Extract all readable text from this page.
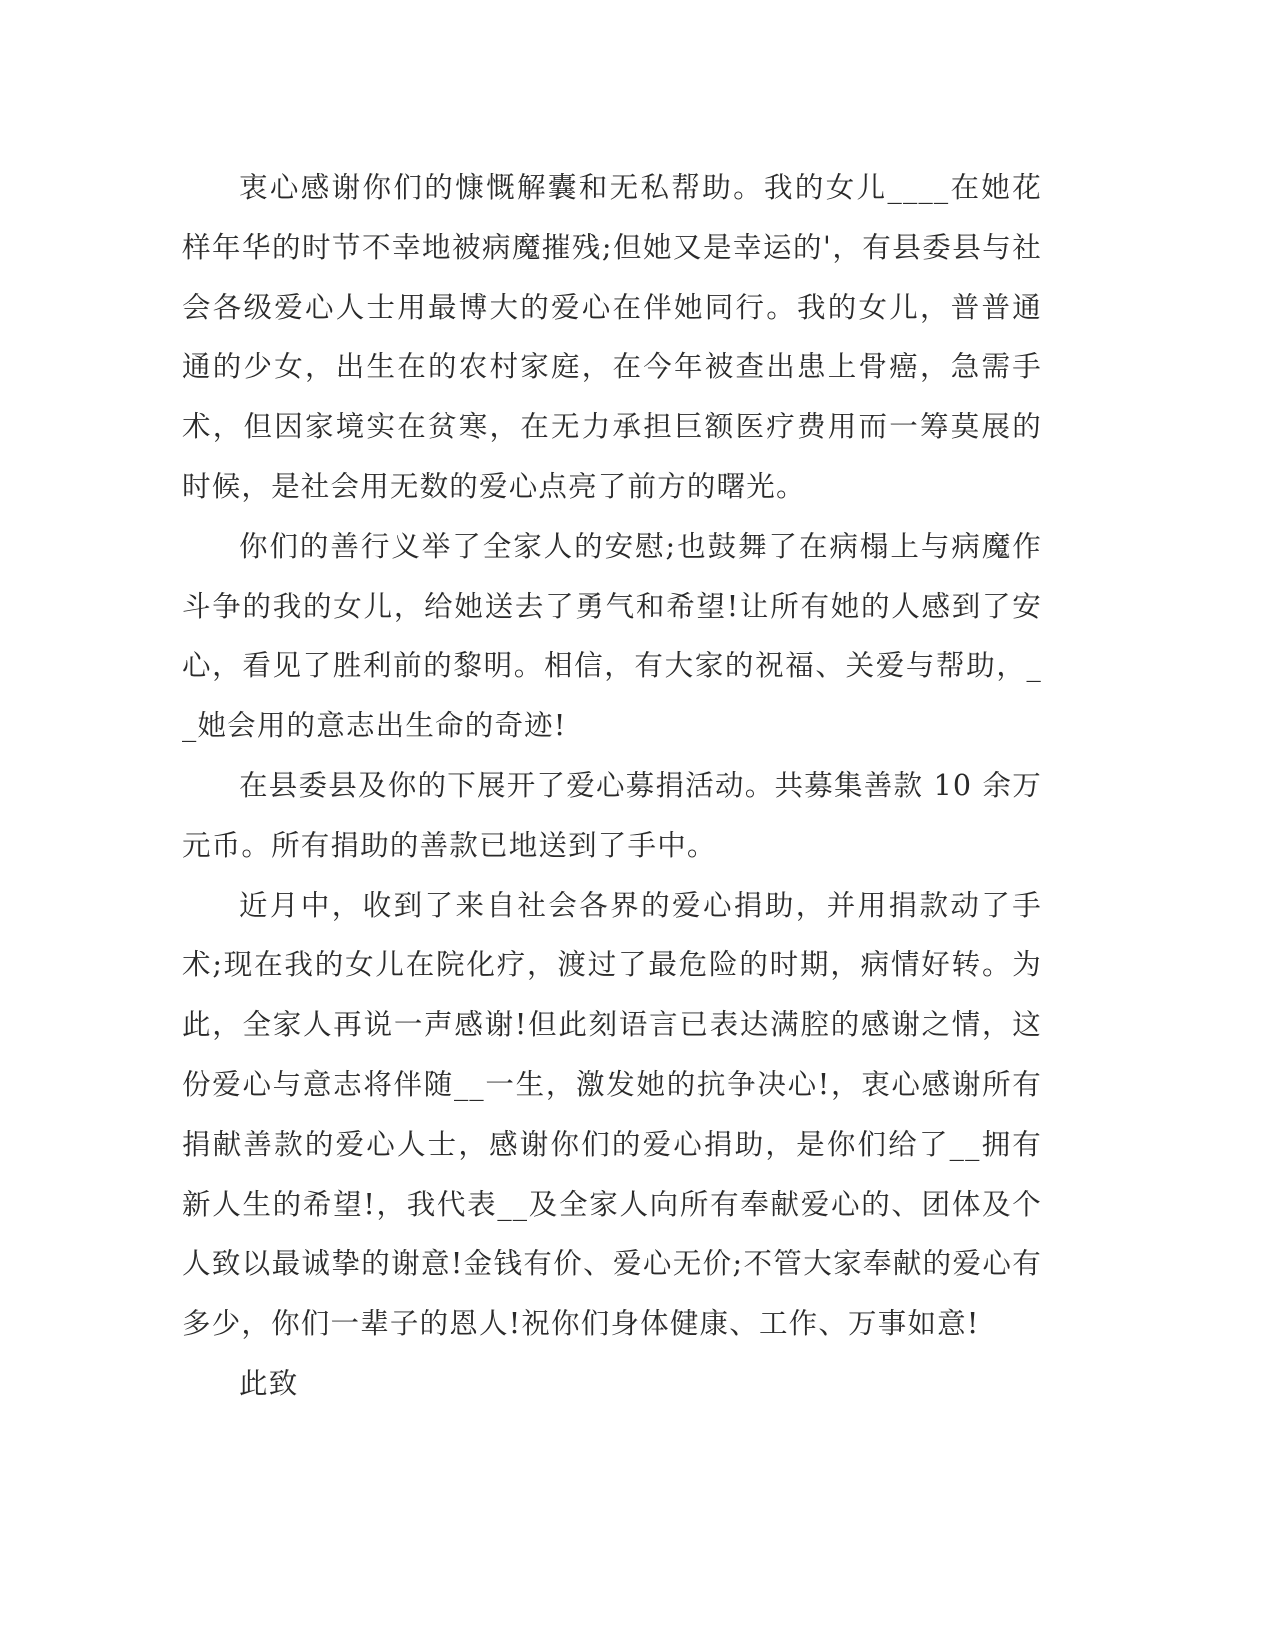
衷心感谢你们的慷慨解囊和无私帮助。我的女儿____在她花样年华的时节不幸地被病魔摧残;但她又是幸运的'，有县委县与社会各级爱心人士用最博大的爱心在伴她同行。我的女儿，普普通通的少女，出生在的农村家庭，在今年被查出患上骨癌，急需手术，但因家境实在贫寒，在无力承担巨额医疗费用而一筹莫展的时候，是社会用无数的爱心点亮了前方的曙光。

你们的善行义举了全家人的安慰;也鼓舞了在病榻上与病魔作斗争的我的女儿，给她送去了勇气和希望!让所有她的人感到了安心，看见了胜利前的黎明。相信，有大家的祝福、关爱与帮助，__她会用的意志出生命的奇迹!

在县委县及你的下展开了爱心募捐活动。共募集善款 10 余万元币。所有捐助的善款已地送到了手中。

近月中，收到了来自社会各界的爱心捐助，并用捐款动了手术;现在我的女儿在院化疗，渡过了最危险的时期，病情好转。为此，全家人再说一声感谢!但此刻语言已表达满腔的感谢之情，这份爱心与意志将伴随__一生，激发她的抗争决心!，衷心感谢所有捐献善款的爱心人士，感谢你们的爱心捐助，是你们给了__拥有新人生的希望!，我代表__及全家人向所有奉献爱心的、团体及个人致以最诚挚的谢意!金钱有价、爱心无价;不管大家奉献的爱心有多少，你们一辈子的恩人!祝你们身体健康、工作、万事如意!

此致
